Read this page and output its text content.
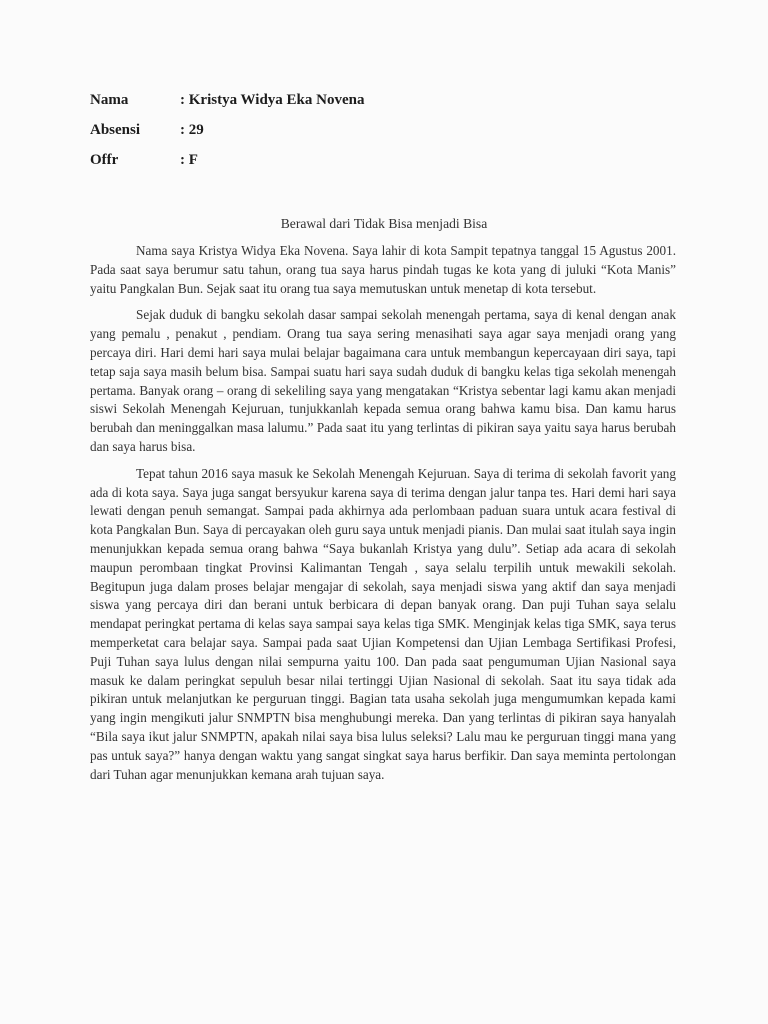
Nama	: Kristya Widya Eka Novena
Absensi	: 29
Offr	: F
Berawal dari Tidak Bisa menjadi Bisa

Nama saya Kristya Widya Eka Novena. Saya lahir di kota Sampit tepatnya tanggal 15 Agustus 2001. Pada saat saya berumur satu tahun, orang tua saya harus pindah tugas ke kota yang di juluki “Kota Manis” yaitu Pangkalan Bun. Sejak saat itu orang tua saya memutuskan untuk menetap di kota tersebut.

Sejak duduk di bangku sekolah dasar sampai sekolah menengah pertama, saya di kenal dengan anak yang pemalu , penakut , pendiam. Orang tua saya sering menasihati saya agar saya menjadi orang yang percaya diri. Hari demi hari saya mulai belajar bagaimana cara untuk membangun kepercayaan diri saya, tapi tetap saja saya masih belum bisa. Sampai suatu hari saya sudah duduk di bangku kelas tiga sekolah menengah pertama. Banyak orang – orang di sekeliling saya yang mengatakan “Kristya sebentar lagi kamu akan menjadi siswi Sekolah Menengah Kejuruan, tunjukkanlah kepada semua orang bahwa kamu bisa. Dan kamu harus berubah dan meninggalkan masa lalumu.” Pada saat itu yang terlintas di pikiran saya yaitu saya harus berubah dan saya harus bisa.

Tepat tahun 2016 saya masuk ke Sekolah Menengah Kejuruan. Saya di terima di sekolah favorit yang ada di kota saya. Saya juga sangat bersyukur karena saya di terima dengan jalur tanpa tes. Hari demi hari saya lewati dengan penuh semangat. Sampai pada akhirnya ada perlombaan paduan suara untuk acara festival di kota Pangkalan Bun. Saya di percayakan oleh guru saya untuk menjadi pianis. Dan mulai saat itulah saya ingin menunjukkan kepada semua orang bahwa “Saya bukanlah Kristya yang dulu”. Setiap ada acara di sekolah maupun perombaan tingkat Provinsi Kalimantan Tengah , saya selalu terpilih untuk mewakili sekolah. Begitupun juga dalam proses belajar mengajar di sekolah, saya menjadi siswa yang aktif dan saya menjadi siswa yang percaya diri dan berani untuk berbicara di depan banyak orang. Dan puji Tuhan saya selalu mendapat peringkat pertama di kelas saya sampai saya kelas tiga SMK. Menginjak kelas tiga SMK, saya terus memperketat cara belajar saya. Sampai pada saat Ujian Kompetensi dan Ujian Lembaga Sertifikasi Profesi, Puji Tuhan saya lulus dengan nilai sempurna yaitu 100. Dan pada saat pengumuman Ujian Nasional saya masuk ke dalam peringkat sepuluh besar nilai tertinggi Ujian Nasional di sekolah. Saat itu saya tidak ada pikiran untuk melanjutkan ke perguruan tinggi. Bagian tata usaha sekolah juga mengumumkan kepada kami yang ingin mengikuti jalur SNMPTN bisa menghubungi mereka. Dan yang terlintas di pikiran saya hanyalah “Bila saya ikut jalur SNMPTN, apakah nilai saya bisa lulus seleksi? Lalu mau ke perguruan tinggi mana yang pas untuk saya?” hanya dengan waktu yang sangat singkat saya harus berfikir. Dan saya meminta pertolongan dari Tuhan agar menunjukkan kemana arah tujuan saya.
